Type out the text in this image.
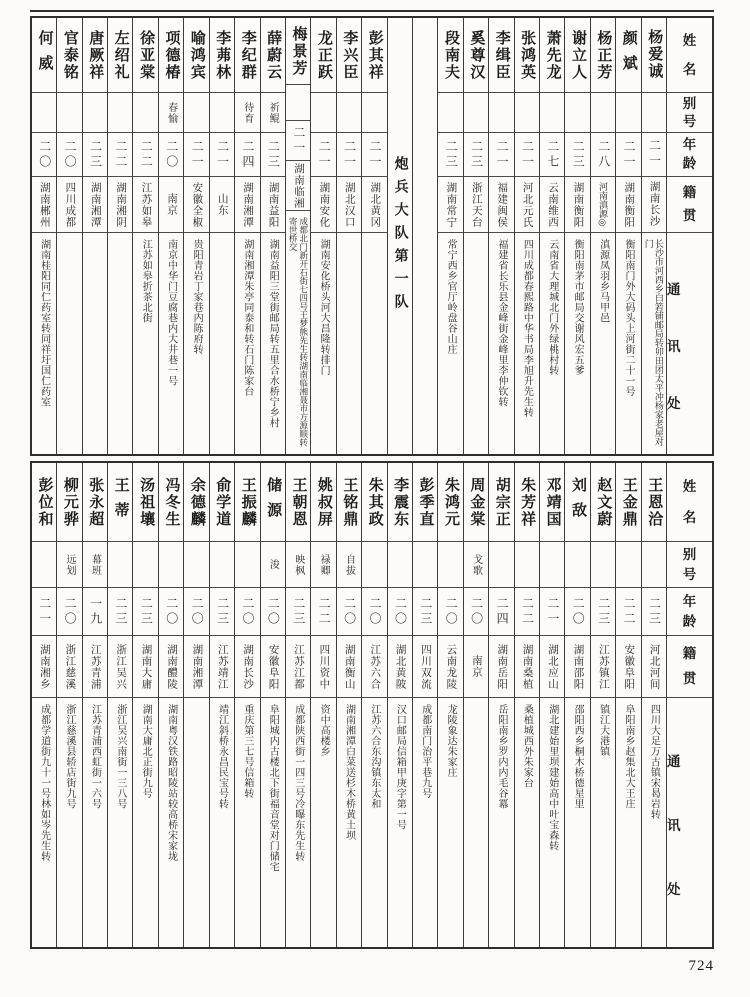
姓
名
别
号
年
龄
籍
贯
通
讯
处
杨爱诚
二一
湖南长沙
长沙市河西乡白箬铺邮局转卯田团太平冲杨家老屋对门
颜斌
二一
湖南衡阳
衡阳南门外大码头上河街二十一号
杨正芳
二八
河南滇源◎
滇源凤羽乡马甲邑
谢立人
二三
湖南衡阳
衡阳南茅市邮局交谢风宏五爹
萧先龙
二七
云南维西
云南省大理城北门外绿桃村转
张鸿英
二一
河北元氏
四川成都春熙路中华书局李旭升先生转
李缉臣
二一
福建闽侯
福建省长乐县金峰街金峰里李仲钦转
奚尊汉
二三
浙江天台
段南夫
二三
湖南常宁
常宁西乡官厅岭盘谷山庄
炮兵大队第一队
彭其祥
二一
湖北黄冈
李兴臣
二一
湖北汉口
龙正跃
二一
湖南安化
湖南安化桥头河大昌隆转排门
梅景芳
二一
湖南临湘
成都北门新开石街七四号王梦熊先生转湖南临湘聂市方源顺转寄世桥交
薛蔚云
祈鲲
二三
湖南益阳
湖南益阳三堂街邮局转五里合水桥宁乡村
李纪群
待育
二四
湖南湘潭
湖南湘潭朱亭同泰和转石门陈家台
李茀林
二一
山东
喻鸿宾
二一
安徽全椒
贵阳青岩丁家巷内陈府转
项德椿
春愉
二〇
南京
南京中华门豆腐巷内大井巷一号
徐亚棠
二二
江苏如皋
江苏如皋折茶北街
左绍礼
二二
湖南湘阴
唐厥祥
二三
湖南湘潭
官泰铭
二〇
四川成都
何威
二〇
湖南郴州
湖南桂阳同仁药室转同祥圩国仁药室
姓
名
别
号
年
龄
籍
贯
通
讯
处
王恩洽
二三
河北河间
四川大足万古镇宋曷岩转
王金鼎
二二
安徽阜阳
阜阳南乡赵集北大王庄
赵文蔚
二三
江苏镇江
镇江大港镇
刘敌
二〇
湖南邵阳
邵阳西乡桐木桥德星里
邓靖国
二一
湖北应山
湖北建始里坝建始高中叶宝森转
朱芳祥
二二
湖南桑植
桑植城西外朱家台
胡宗正
二四
湖南岳阳
岳阳南乡罗内内毛谷冪
周金棠
戈歌
二〇
南京
朱鸿元
二〇
云南龙陵
龙陵象达朱家庄
彭季直
二三
四川双流
成都南门治平巷九号
李震东
二〇
湖北黄陂
汉口邮局信箱甲庚字第一号
朱其政
二〇
江苏六合
江苏六合东沟镇东太和
王铭鼎
自拔
二〇
湖南衡山
湖南湘潭白菜送杉木桥黄土坝
姚叔屏
禄卿
二二
四川资中
资中高楼乡
王朝恩
映枫
二三
江苏江都
成都陕西街一四三号冷曝东先生转
储源
浚
二〇
安徽阜阳
阜阳城内古楼北下街福音堂对门储宅
王振麟
二〇
湖南长沙
重庆第三七号信箱转
俞学道
二三
江苏靖江
靖江斜桥永昌民宝号转
余德麟
二〇
湖南湘潭
冯冬生
二〇
湖南醴陵
湖南粤汉铁路昭陵站较高桥宋家垅
汤祖壤
二三
湖南大庸
湖南大庸北正街九号
王蒂
二三
浙江吴兴
浙江吴兴南街一三八号
张永超
幕班
一九
江苏青浦
江苏青浦西虹街一六号
柳元骅
远划
二〇
浙江慈溪
浙江慈溪县轿店街九号
彭位和
二一
湖南湘乡
成都学道街九十一号林如岑先生转
724
